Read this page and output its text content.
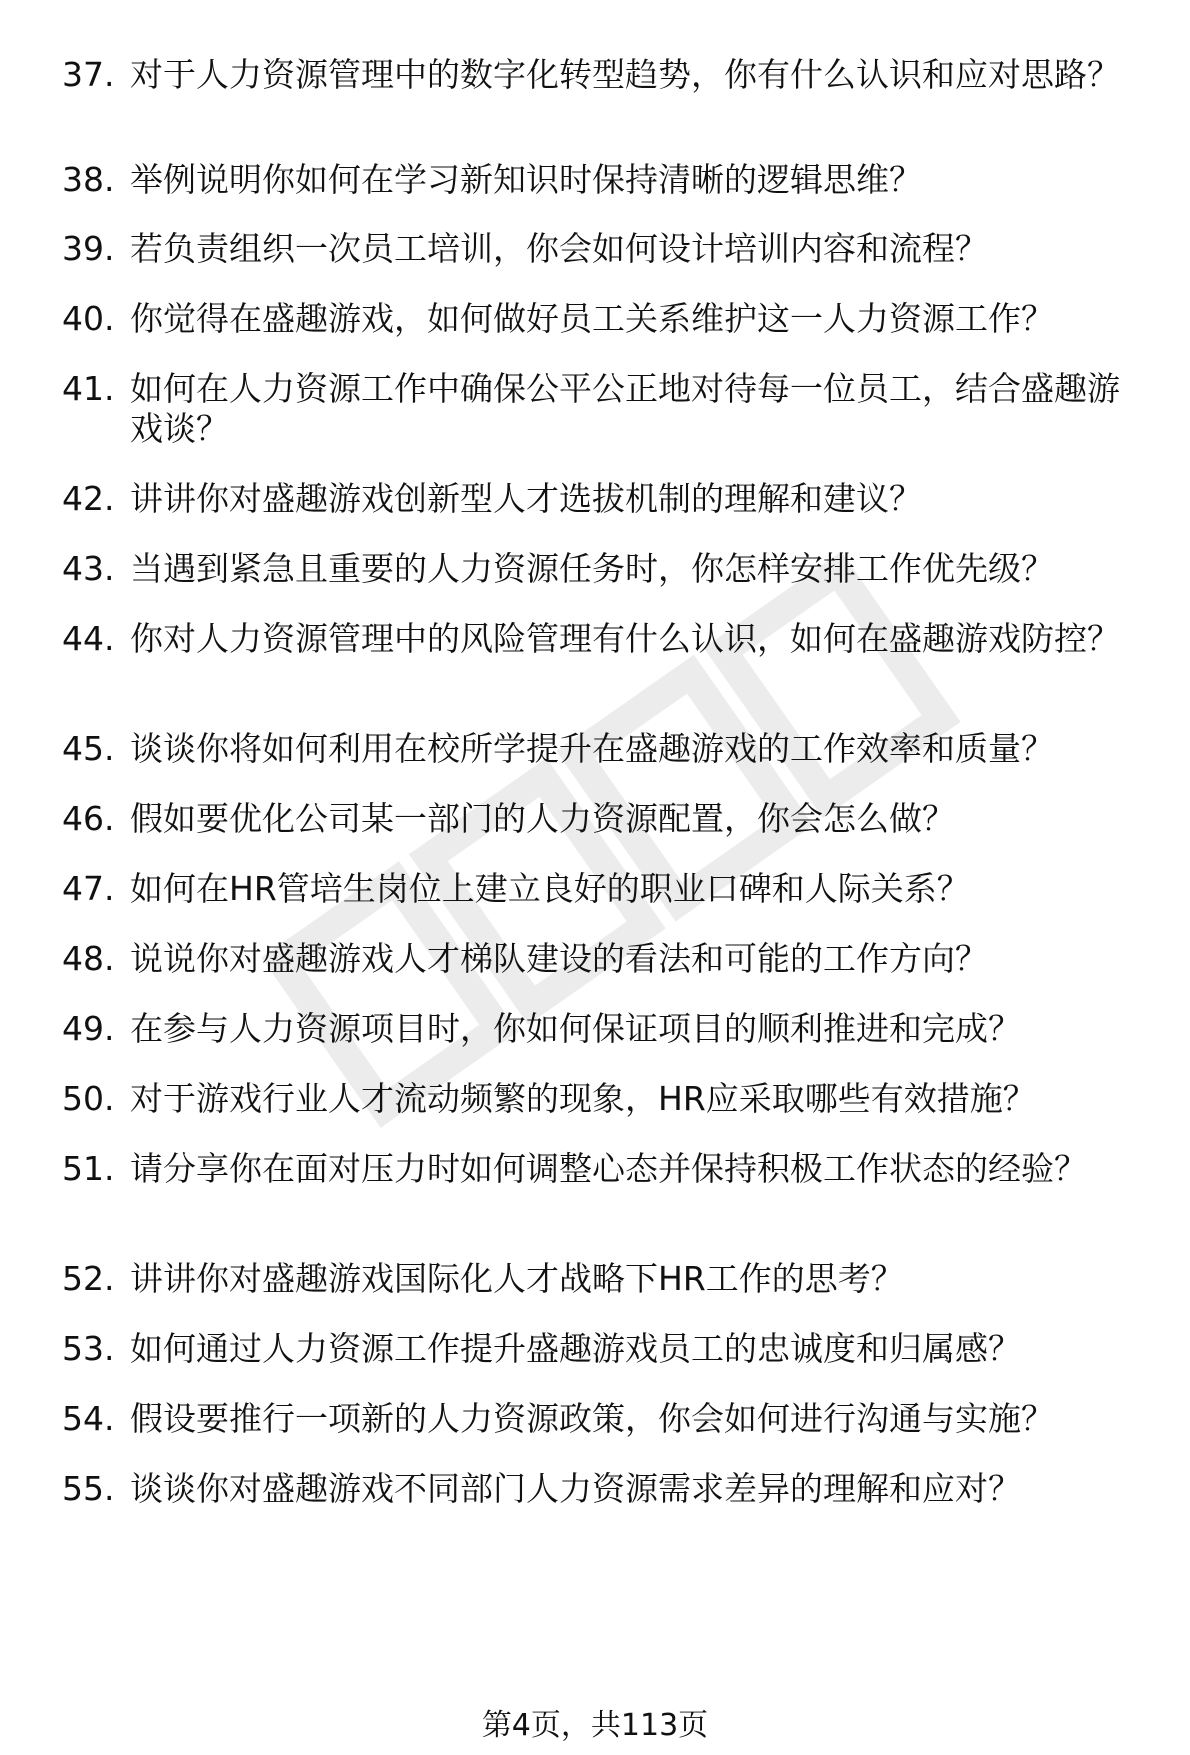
37. 对于人力资源管理中的数字化转型趋势，你有什么认识和应对思路？
38. 举例说明你如何在学习新知识时保持清晰的逻辑思维？
39. 若负责组织一次员工培训，你会如何设计培训内容和流程？
40. 你觉得在盛趣游戏，如何做好员工关系维护这一人力资源工作？
41. 如何在人力资源工作中确保公平公正地对待每一位员工，结合盛趣游戏谈？
42. 讲讲你对盛趣游戏创新型人才选拔机制的理解和建议？
43. 当遇到紧急且重要的人力资源任务时，你怎样安排工作优先级？
44. 你对人力资源管理中的风险管理有什么认识，如何在盛趣游戏防控？
45. 谈谈你将如何利用在校所学提升在盛趣游戏的工作效率和质量？
46. 假如要优化公司某一部门的人力资源配置，你会怎么做？
47. 如何在HR管培生岗位上建立良好的职业口碑和人际关系？
48. 说说你对盛趣游戏人才梯队建设的看法和可能的工作方向？
49. 在参与人力资源项目时，你如何保证项目的顺利推进和完成？
50. 对于游戏行业人才流动频繁的现象，HR应采取哪些有效措施？
51. 请分享你在面对压力时如何调整心态并保持积极工作状态的经验？
52. 讲讲你对盛趣游戏国际化人才战略下HR工作的思考？
53. 如何通过人力资源工作提升盛趣游戏员工的忠诚度和归属感？
54. 假设要推行一项新的人力资源政策，你会如何进行沟通与实施？
55. 谈谈你对盛趣游戏不同部门人力资源需求差异的理解和应对？
第4页，共113页
